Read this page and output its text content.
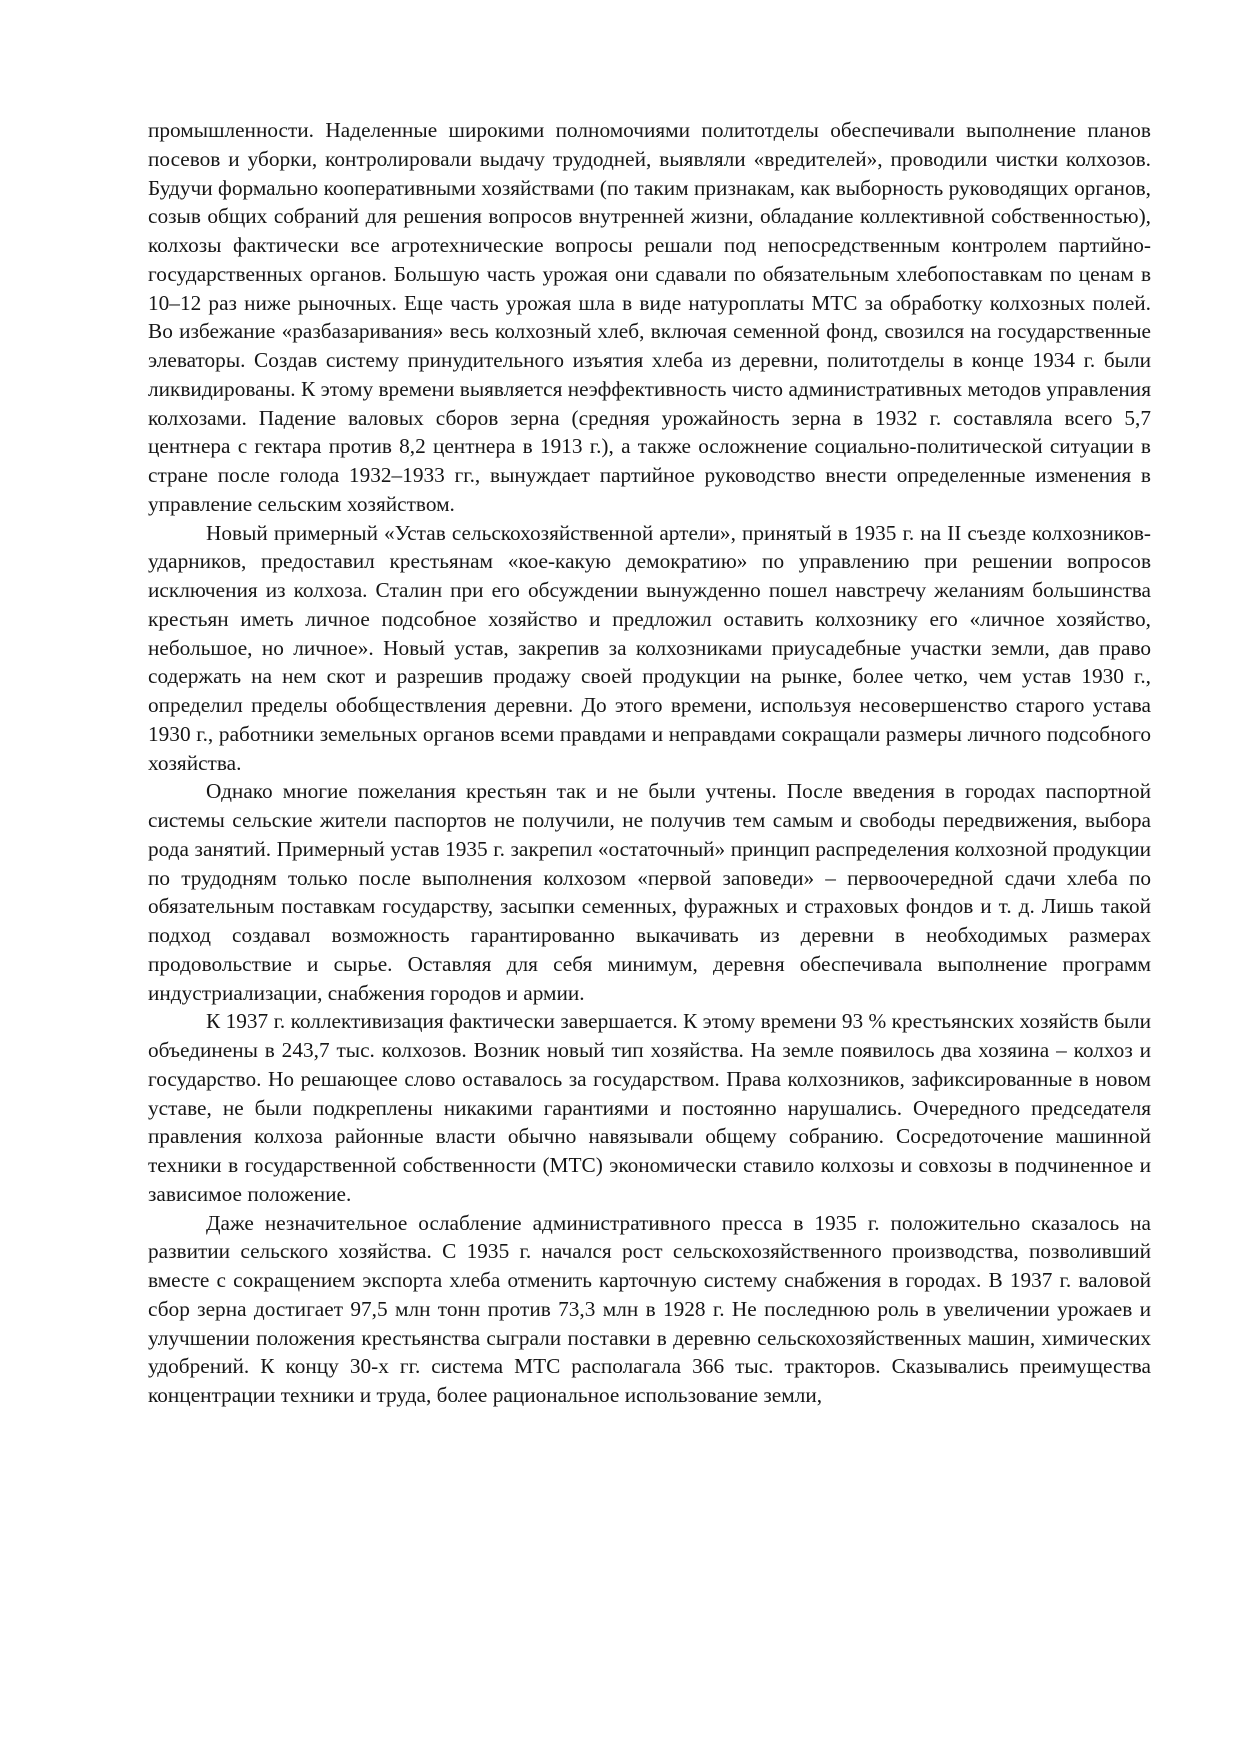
промышленности. Наделенные широкими полномочиями политотделы обеспечивали выполнение планов посевов и уборки, контролировали выдачу трудодней, выявляли «вредителей», проводили чистки колхозов. Будучи формально кооперативными хозяйствами (по таким признакам, как выборность руководящих органов, созыв общих собраний для решения вопросов внутренней жизни, обладание коллективной собственностью), колхозы фактически все агротехнические вопросы решали под непосредственным контролем партийно-государственных органов. Большую часть урожая они сдавали по обязательным хлебопоставкам по ценам в 10–12 раз ниже рыночных. Еще часть урожая шла в виде натуроплаты МТС за обработку колхозных полей. Во избежание «разбазаривания» весь колхозный хлеб, включая семенной фонд, свозился на государственные элеваторы. Создав систему принудительного изъятия хлеба из деревни, политотделы в конце 1934 г. были ликвидированы. К этому времени выявляется неэффективность чисто административных методов управления колхозами. Падение валовых сборов зерна (средняя урожайность зерна в 1932 г. составляла всего 5,7 центнера с гектара против 8,2 центнера в 1913 г.), а также осложнение социально-политической ситуации в стране после голода 1932–1933 гг., вынуждает партийное руководство внести определенные изменения в управление сельским хозяйством.

Новый примерный «Устав сельскохозяйственной артели», принятый в 1935 г. на II съезде колхозников-ударников, предоставил крестьянам «кое-какую демократию» по управлению при решении вопросов исключения из колхоза. Сталин при его обсуждении вынужденно пошел навстречу желаниям большинства крестьян иметь личное подсобное хозяйство и предложил оставить колхознику его «личное хозяйство, небольшое, но личное». Новый устав, закрепив за колхозниками приусадебные участки земли, дав право содержать на нем скот и разрешив продажу своей продукции на рынке, более четко, чем устав 1930 г., определил пределы обобществления деревни. До этого времени, используя несовершенство старого устава 1930 г., работники земельных органов всеми правдами и неправдами сокращали размеры личного подсобного хозяйства.

Однако многие пожелания крестьян так и не были учтены. После введения в городах паспортной системы сельские жители паспортов не получили, не получив тем самым и свободы передвижения, выбора рода занятий. Примерный устав 1935 г. закрепил «остаточный» принцип распределения колхозной продукции по трудодням только после выполнения колхозом «первой заповеди» – первоочередной сдачи хлеба по обязательным поставкам государству, засыпки семенных, фуражных и страховых фондов и т. д. Лишь такой подход создавал возможность гарантированно выкачивать из деревни в необходимых размерах продовольствие и сырье. Оставляя для себя минимум, деревня обеспечивала выполнение программ индустриализации, снабжения городов и армии.

К 1937 г. коллективизация фактически завершается. К этому времени 93 % крестьянских хозяйств были объединены в 243,7 тыс. колхозов. Возник новый тип хозяйства. На земле появилось два хозяина – колхоз и государство. Но решающее слово оставалось за государством. Права колхозников, зафиксированные в новом уставе, не были подкреплены никакими гарантиями и постоянно нарушались. Очередного председателя правления колхоза районные власти обычно навязывали общему собранию. Сосредоточение машинной техники в государственной собственности (МТС) экономически ставило колхозы и совхозы в подчиненное и зависимое положение.

Даже незначительное ослабление административного пресса в 1935 г. положительно сказалось на развитии сельского хозяйства. С 1935 г. начался рост сельскохозяйственного производства, позволивший вместе с сокращением экспорта хлеба отменить карточную систему снабжения в городах. В 1937 г. валовой сбор зерна достигает 97,5 млн тонн против 73,3 млн в 1928 г. Не последнюю роль в увеличении урожаев и улучшении положения крестьянства сыграли поставки в деревню сельскохозяйственных машин, химических удобрений. К концу 30-х гг. система МТС располагала 366 тыс. тракторов. Сказывались преимущества концентрации техники и труда, более рациональное использование земли,
